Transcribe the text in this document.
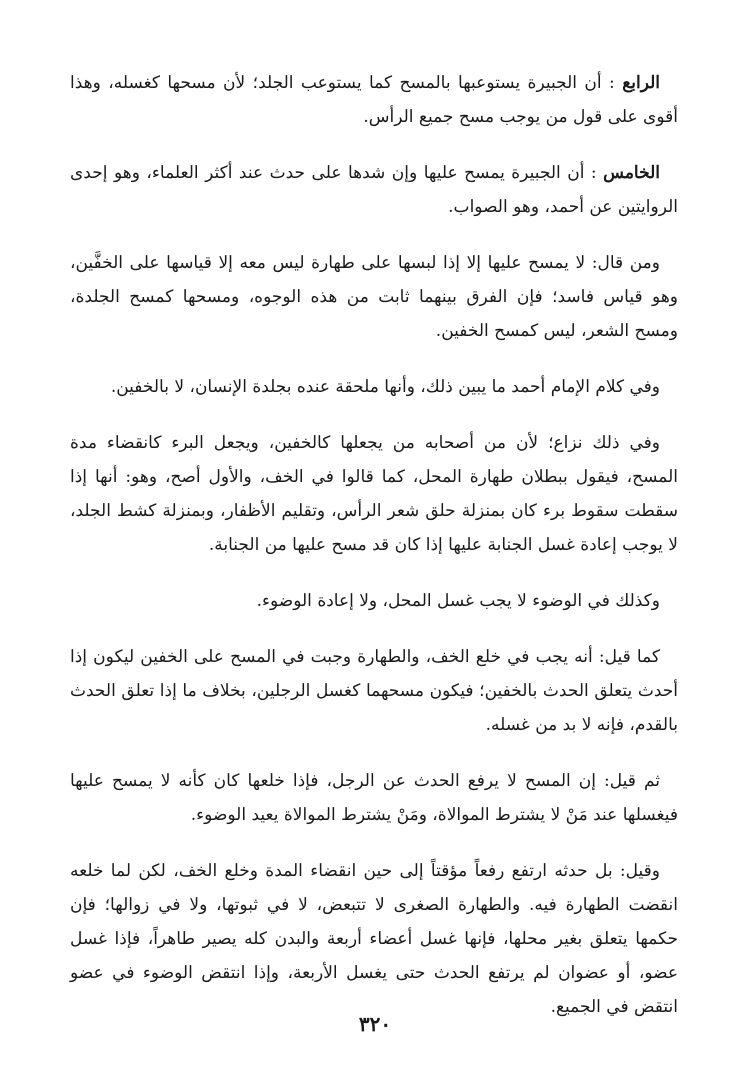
الرابع : أن الجبيرة يستوعبها بالمسح كما يستوعب الجلد؛ لأن مسحها كغسله، وهذا أقوى على قول من يوجب مسح جميع الرأس.

الخامس : أن الجبيرة يمسح عليها وإن شدها على حدث عند أكثر العلماء، وهو إحدى الروايتين عن أحمد، وهو الصواب.

ومن قال: لا يمسح عليها إلا إذا لبسها على طهارة ليس معه إلا قياسها على الخفَّين، وهو قياس فاسد؛ فإن الفرق بينهما ثابت من هذه الوجوه، ومسحها كمسح الجلدة، ومسح الشعر، ليس كمسح الخفين.

وفي كلام الإمام أحمد ما يبين ذلك، وأنها ملحقة عنده بجلدة الإنسان، لا بالخفين.

وفي ذلك نزاع؛ لأن من أصحابه من يجعلها كالخفين، ويجعل البرء كانقضاء مدة المسح، فيقول ببطلان طهارة المحل، كما قالوا في الخف، والأول أصح، وهو: أنها إذا سقطت سقوط برء كان بمنزلة حلق شعر الرأس، وتقليم الأظفار، وبمنزلة كشط الجلد، لا يوجب إعادة غسل الجنابة عليها إذا كان قد مسح عليها من الجنابة.

وكذلك في الوضوء لا يجب غسل المحل، ولا إعادة الوضوء.

كما قيل: أنه يجب في خلع الخف، والطهارة وجبت في المسح على الخفين ليكون إذا أحدث يتعلق الحدث بالخفين؛ فيكون مسحهما كغسل الرجلين، بخلاف ما إذا تعلق الحدث بالقدم، فإنه لا بد من غسله.

ثم قيل: إن المسح لا يرفع الحدث عن الرجل، فإذا خلعها كان كأنه لا يمسح عليها فيغسلها عند مَنْ لا يشترط الموالاة، ومَنْ يشترط الموالاة يعيد الوضوء.

وقيل: بل حدثه ارتفع رفعاً مؤقتاً إلى حين انقضاء المدة وخلع الخف، لكن لما خلعه انقضت الطهارة فيه. والطهارة الصغرى لا تتبعض، لا في ثبوتها، ولا في زوالها؛ فإن حكمها يتعلق بغير محلها، فإنها غسل أعضاء أربعة والبدن كله يصير طاهراً، فإذا غسل عضو، أو عضوان لم يرتفع الحدث حتى يغسل الأربعة، وإذا انتقض الوضوء في عضو انتقض في الجميع.

٣٢٠
